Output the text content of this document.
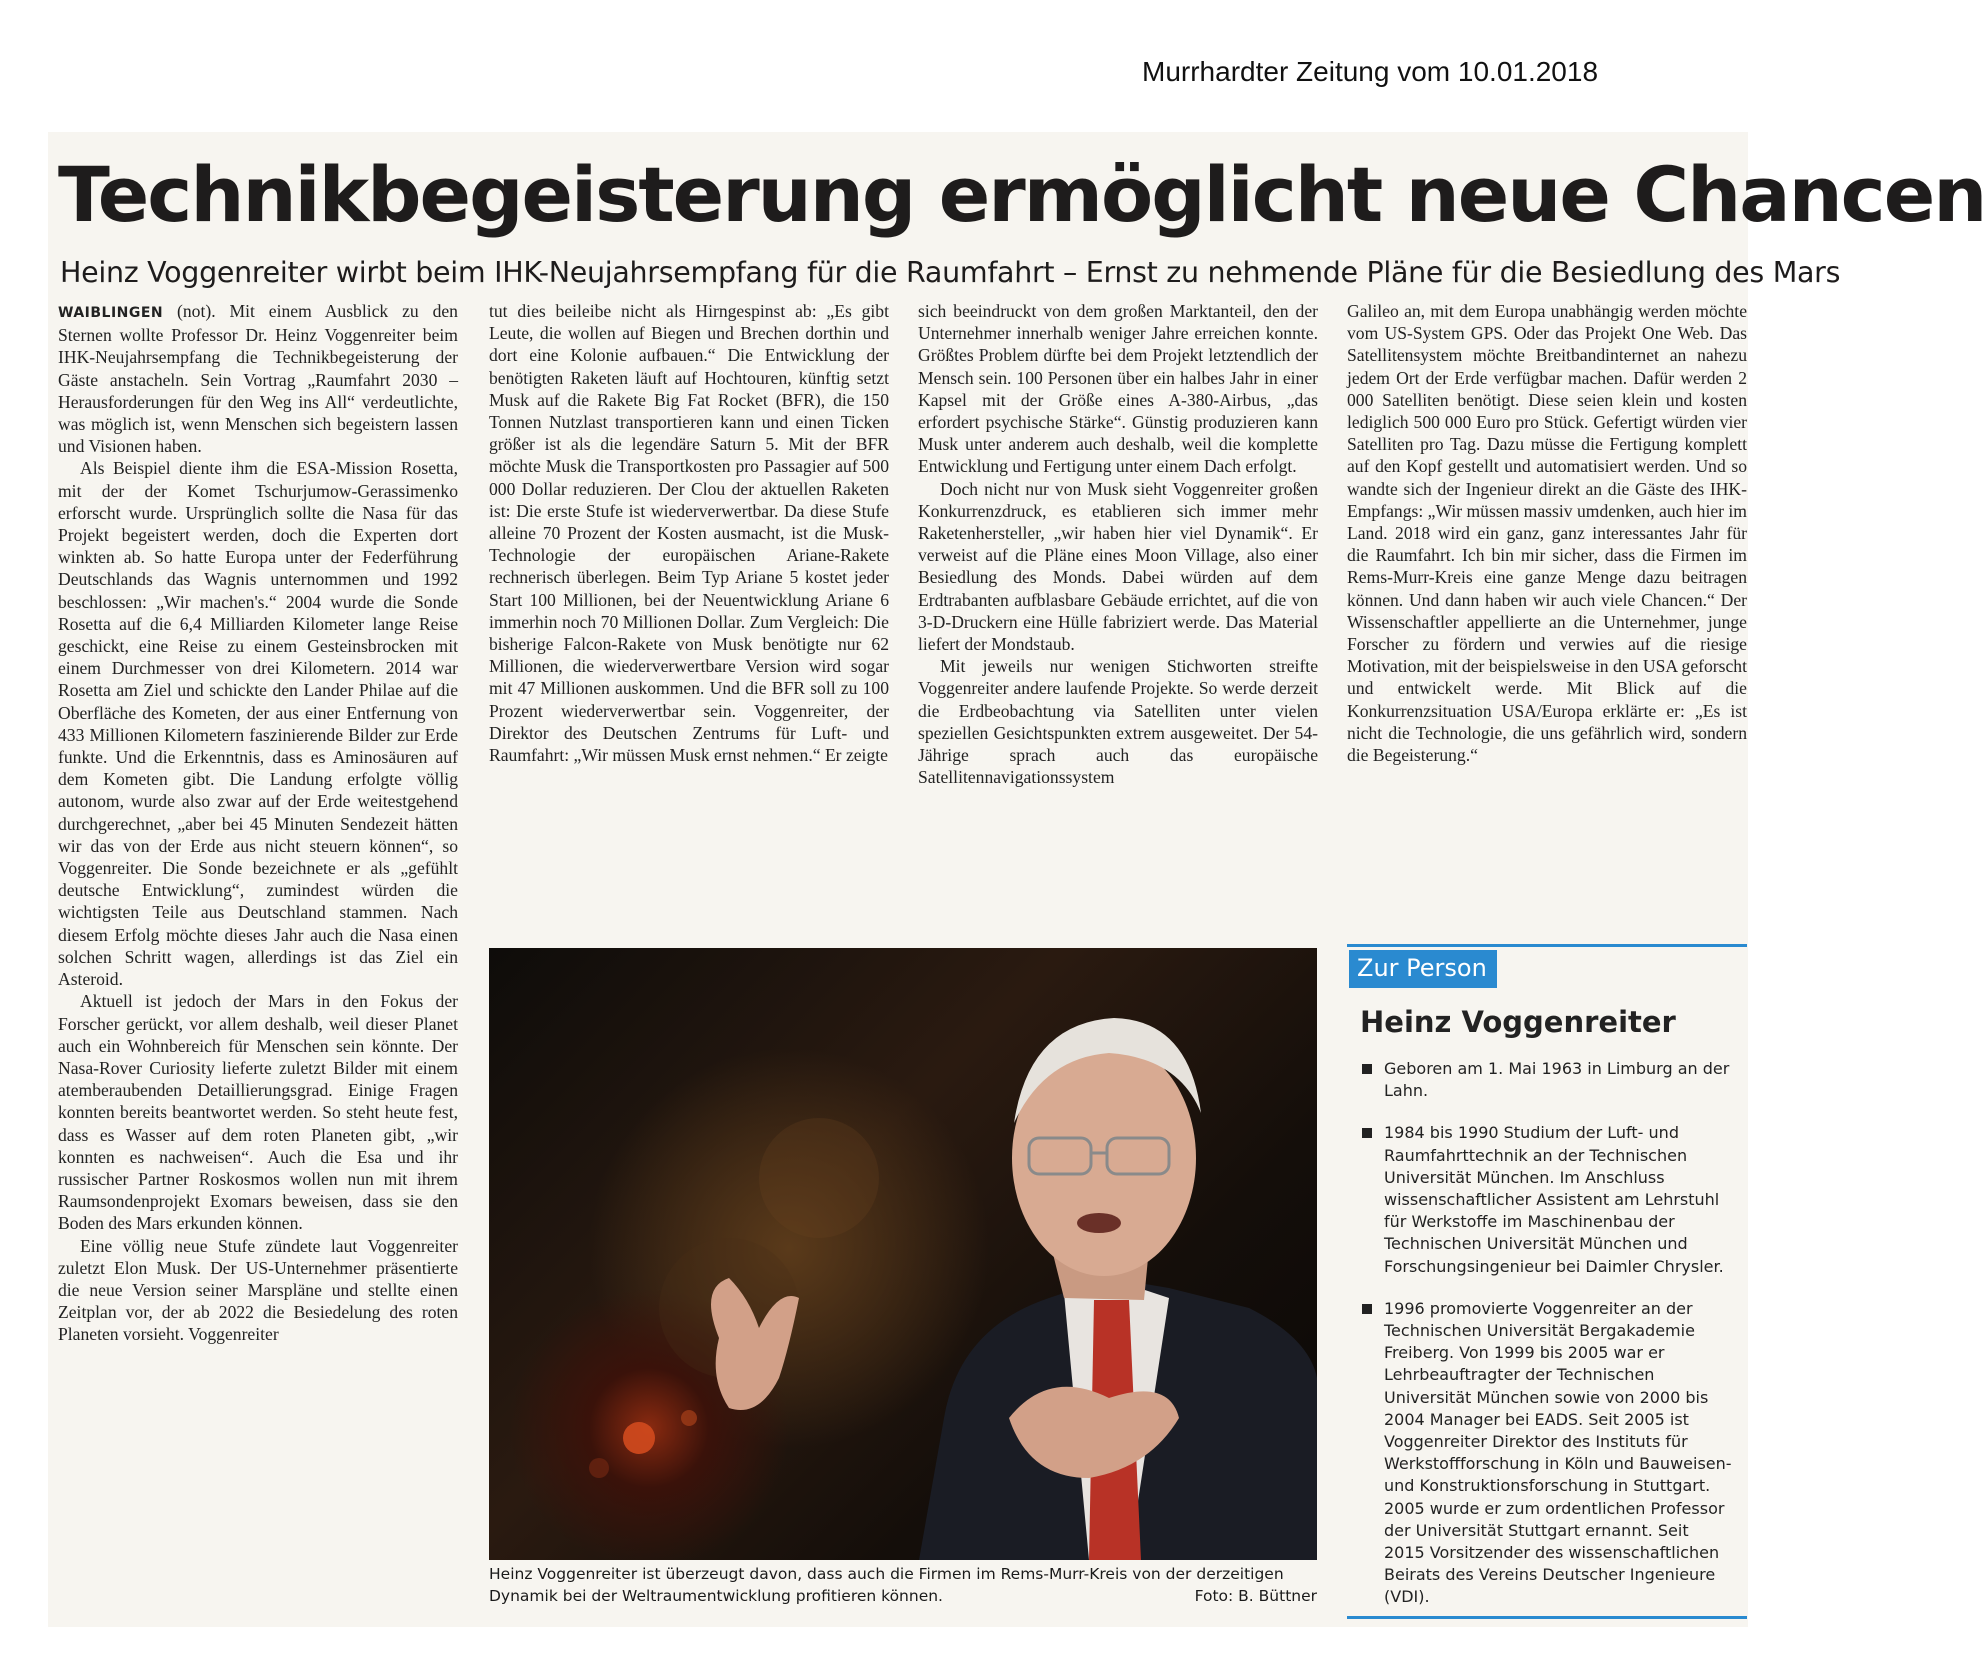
Murrhardter Zeitung vom 10.01.2018
Technikbegeisterung ermöglicht neue Chancen
Heinz Voggenreiter wirbt beim IHK-Neujahrsempfang für die Raumfahrt – Ernst zu nehmende Pläne für die Besiedlung des Mars

WAIBLINGEN (not). Mit einem Ausblick zu den Sternen wollte Professor Dr. Heinz Voggenreiter beim IHK-Neujahrsempfang die Technikbegeisterung der Gäste anstacheln. Sein Vortrag „Raumfahrt 2030 – Herausforderungen für den Weg ins All“ verdeutlichte, was möglich ist, wenn Menschen sich begeistern lassen und Visionen haben.

Als Beispiel diente ihm die ESA-Mission Rosetta, mit der der Komet Tschurjumow-Gerassimenko erforscht wurde. Ursprünglich sollte die Nasa für das Projekt begeistert werden, doch die Experten dort winkten ab. So hatte Europa unter der Federführung Deutschlands das Wagnis unternommen und 1992 beschlossen: „Wir machen's.“ 2004 wurde die Sonde Rosetta auf die 6,4 Milliarden Kilometer lange Reise geschickt, eine Reise zu einem Gesteinsbrocken mit einem Durchmesser von drei Kilometern. 2014 war Rosetta am Ziel und schickte den Lander Philae auf die Oberfläche des Kometen, der aus einer Entfernung von 433 Millionen Kilometern faszinierende Bilder zur Erde funkte. Und die Erkenntnis, dass es Aminosäuren auf dem Kometen gibt. Die Landung erfolgte völlig autonom, wurde also zwar auf der Erde weitestgehend durchgerechnet, „aber bei 45 Minuten Sendezeit hätten wir das von der Erde aus nicht steuern können“, so Voggenreiter. Die Sonde bezeichnete er als „gefühlt deutsche Entwicklung“, zumindest würden die wichtigsten Teile aus Deutschland stammen. Nach diesem Erfolg möchte dieses Jahr auch die Nasa einen solchen Schritt wagen, allerdings ist das Ziel ein Asteroid.

Aktuell ist jedoch der Mars in den Fokus der Forscher gerückt, vor allem deshalb, weil dieser Planet auch ein Wohnbereich für Menschen sein könnte. Der Nasa-Rover Curiosity lieferte zuletzt Bilder mit einem atemberaubenden Detaillierungsgrad. Einige Fragen konnten bereits beantwortet werden. So steht heute fest, dass es Wasser auf dem roten Planeten gibt, „wir konnten es nachweisen“. Auch die Esa und ihr russischer Partner Roskosmos wollen nun mit ihrem Raumsondenprojekt Exomars beweisen, dass sie den Boden des Mars erkunden können.

Eine völlig neue Stufe zündete laut Voggenreiter zuletzt Elon Musk. Der US-Unternehmer präsentierte die neue Version seiner Marspläne und stellte einen Zeitplan vor, der ab 2022 die Besiedelung des roten Planeten vorsieht. Voggenreiter

tut dies beileibe nicht als Hirngespinst ab: „Es gibt Leute, die wollen auf Biegen und Brechen dorthin und dort eine Kolonie aufbauen.“ Die Entwicklung der benötigten Raketen läuft auf Hochtouren, künftig setzt Musk auf die Rakete Big Fat Rocket (BFR), die 150 Tonnen Nutzlast transportieren kann und einen Ticken größer ist als die legendäre Saturn 5. Mit der BFR möchte Musk die Transportkosten pro Passagier auf 500 000 Dollar reduzieren. Der Clou der aktuellen Raketen ist: Die erste Stufe ist wiederverwertbar. Da diese Stufe alleine 70 Prozent der Kosten ausmacht, ist die Musk-Technologie der europäischen Ariane-Rakete rechnerisch überlegen. Beim Typ Ariane 5 kostet jeder Start 100 Millionen, bei der Neuentwicklung Ariane 6 immerhin noch 70 Millionen Dollar. Zum Vergleich: Die bisherige Falcon-Rakete von Musk benötigte nur 62 Millionen, die wiederverwertbare Version wird sogar mit 47 Millionen auskommen. Und die BFR soll zu 100 Prozent wiederverwertbar sein. Voggenreiter, der Direktor des Deutschen Zentrums für Luft- und Raumfahrt: „Wir müssen Musk ernst nehmen.“ Er zeigte

sich beeindruckt von dem großen Marktanteil, den der Unternehmer innerhalb weniger Jahre erreichen konnte. Größtes Problem dürfte bei dem Projekt letztendlich der Mensch sein. 100 Personen über ein halbes Jahr in einer Kapsel mit der Größe eines A-380-Airbus, „das erfordert psychische Stärke“. Günstig produzieren kann Musk unter anderem auch deshalb, weil die komplette Entwicklung und Fertigung unter einem Dach erfolgt.

Doch nicht nur von Musk sieht Voggenreiter großen Konkurrenzdruck, es etablieren sich immer mehr Raketenhersteller, „wir haben hier viel Dynamik“. Er verweist auf die Pläne eines Moon Village, also einer Besiedlung des Monds. Dabei würden auf dem Erdtrabanten aufblasbare Gebäude errichtet, auf die von 3-D-Druckern eine Hülle fabriziert werde. Das Material liefert der Mondstaub.

Mit jeweils nur wenigen Stichworten streifte Voggenreiter andere laufende Projekte. So werde derzeit die Erdbeobachtung via Satelliten unter vielen speziellen Gesichtspunkten extrem ausgeweitet. Der 54-Jährige sprach auch das europäische Satellitennavigationssystem

Galileo an, mit dem Europa unabhängig werden möchte vom US-System GPS. Oder das Projekt One Web. Das Satellitensystem möchte Breitbandinternet an nahezu jedem Ort der Erde verfügbar machen. Dafür werden 2 000 Satelliten benötigt. Diese seien klein und kosten lediglich 500 000 Euro pro Stück. Gefertigt würden vier Satelliten pro Tag. Dazu müsse die Fertigung komplett auf den Kopf gestellt und automatisiert werden. Und so wandte sich der Ingenieur direkt an die Gäste des IHK-Empfangs: „Wir müssen massiv umdenken, auch hier im Land. 2018 wird ein ganz, ganz interessantes Jahr für die Raumfahrt. Ich bin mir sicher, dass die Firmen im Rems-Murr-Kreis eine ganze Menge dazu beitragen können. Und dann haben wir auch viele Chancen.“ Der Wissenschaftler appellierte an die Unternehmer, junge Forscher zu fördern und verwies auf die riesige Motivation, mit der beispielsweise in den USA geforscht und entwickelt werde. Mit Blick auf die Konkurrenzsituation USA/Europa erklärte er: „Es ist nicht die Technologie, die uns gefährlich wird, sondern die Begeisterung.“

Heinz Voggenreiter ist überzeugt davon, dass auch die Firmen im Rems-Murr-Kreis von der derzeitigen Dynamik bei der Weltraumentwicklung profitieren können.	Foto: B. Büttner
Zur Person
Heinz Voggenreiter
Geboren am 1. Mai 1963 in Limburg an der Lahn.
1984 bis 1990 Studium der Luft- und Raumfahrttechnik an der Technischen Universität München. Im Anschluss wissenschaftlicher Assistent am Lehrstuhl für Werkstoffe im Maschinenbau der Technischen Universität München und Forschungsingenieur bei Daimler Chrysler.
1996 promovierte Voggenreiter an der Technischen Universität Bergakademie Freiberg. Von 1999 bis 2005 war er Lehrbeauftragter der Technischen Universität München sowie von 2000 bis 2004 Manager bei EADS. Seit 2005 ist Voggenreiter Direktor des Instituts für Werkstoffforschung in Köln und Bauweisen- und Konstruktionsforschung in Stuttgart. 2005 wurde er zum ordentlichen Professor der Universität Stuttgart ernannt. Seit 2015 Vorsitzender des wissenschaftlichen Beirats des Vereins Deutscher Ingenieure (VDI).
